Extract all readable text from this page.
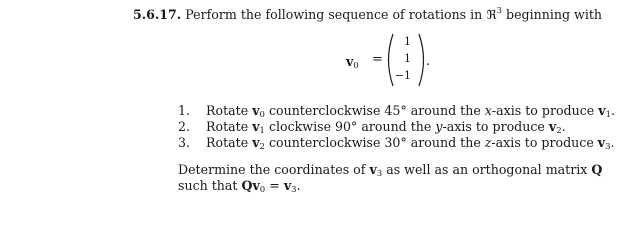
5.6.17. Perform the following sequence of rotations in ℜ$^3$ beginning with
$v_0$ =
1
1
−1
.
1. Rotate $v_0$ counterclockwise 45° around the x-axis to produce $v_1$.
2. Rotate $v_1$ clockwise 90° around the y-axis to produce $v_2$.
3. Rotate $v_2$ counterclockwise 30° around the z-axis to produce $v_3$.
Determine the coordinates of $v_3$ as well as an orthogonal matrix Q
such that $Qv_0 = v_3$.
